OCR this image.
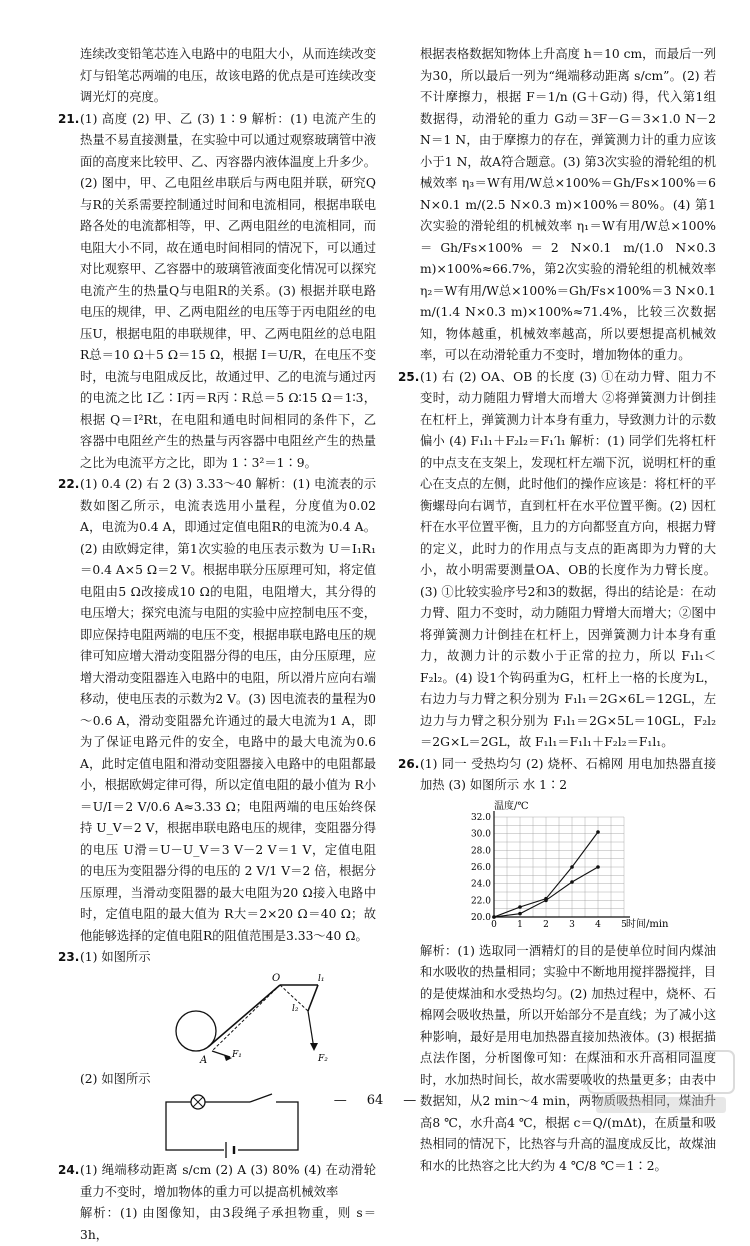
连续改变铅笔芯连入电路中的电阻大小，从而连续改变灯与铅笔芯两端的电压，故该电路的优点是可连续改变调光灯的亮度。

21.(1) 高度 (2) 甲、乙 (3) 1∶9 解析：(1) 电流产生的热量不易直接测量，在实验中可以通过观察玻璃管中液面的高度来比较甲、乙、丙容器内液体温度上升多少。(2) 图中，甲、乙电阻丝串联后与两电阻并联，研究Q与R的关系需要控制通过时间和电流相同，根据串联电路各处的电流都相等，甲、乙两电阻丝的电流相同，而电阻大小不同，故在通电时间相同的情况下，可以通过对比观察甲、乙容器中的玻璃管液面变化情况可以探究电流产生的热量Q与电阻R的关系。(3) 根据并联电路电压的规律，甲、乙两电阻丝的电压等于丙电阻丝的电压U，根据电阻的串联规律，甲、乙两电阻丝的总电阻R总＝10 Ω＋5 Ω＝15 Ω，根据 I＝U/R，在电压不变时，电流与电阻成反比，故通过甲、乙的电流与通过丙的电流之比 I乙∶I丙＝R丙∶R总＝5 Ω∶15 Ω＝1∶3，根据 Q＝I²Rt，在电阻和通电时间相同的条件下，乙容器中电阻丝产生的热量与丙容器中电阻丝产生的热量之比为电流平方之比，即为 1∶3²＝1∶9。

22.(1) 0.4 (2) 右 2 (3) 3.33～40 解析：(1) 电流表的示数如图乙所示，电流表选用小量程，分度值为0.02 A，电流为0.4 A，即通过定值电阻R的电流为0.4 A。(2) 由欧姆定律，第1次实验的电压表示数为 U＝I₁R₁＝0.4 A×5 Ω＝2 V。根据串联分压原理可知，将定值电阻由5 Ω改接成10 Ω的电阻，电阻增大，其分得的电压增大；探究电流与电阻的实验中应控制电压不变，即应保持电阻两端的电压不变，根据串联电路电压的规律可知应增大滑动变阻器分得的电压，由分压原理，应增大滑动变阻器连入电路中的电阻，所以滑片应向右端移动，使电压表的示数为2 V。(3) 因电流表的量程为0～0.6 A，滑动变阻器允许通过的最大电流为1 A，即为了保证电路元件的安全，电路中的最大电流为0.6 A，此时定值电阻和滑动变阻器接入电路中的电阻都最小，根据欧姆定律可得，所以定值电阻的最小值为 R小＝U/I＝2 V/0.6 A≈3.33 Ω；电阻两端的电压始终保持 U_V＝2 V，根据串联电路电压的规律，变阻器分得的电压 U滑＝U－U_V＝3 V－2 V＝1 V，定值电阻的电压为变阻器分得的电压的 2 V/1 V＝2 倍，根据分压原理，当滑动变阻器的最大电阻为20 Ω接入电路中时，定值电阻的最大值为 R大＝2×20 Ω＝40 Ω；故他能够选择的定值电阻R的阻值范围是3.33～40 Ω。

23.(1) 如图所示

O
A	F₁	F₂
l₁
l₂

(2) 如图所示

24.(1) 绳端移动距离 s/cm (2) A (3) 80% (4) 在动滑轮重力不变时，增加物体的重力可以提高机械效率

解析：(1) 由图像知，由3段绳子承担物重，则 s＝3h，

根据表格数据知物体上升高度 h＝10 cm，而最后一列为30，所以最后一列为“绳端移动距离 s/cm”。(2) 若不计摩擦力，根据 F＝1/n (G＋G动) 得，代入第1组数据得，动滑轮的重力 G动＝3F－G＝3×1.0 N－2 N＝1 N，由于摩擦力的存在，弹簧测力计的重力应该小于1 N，故A符合题意。(3) 第3次实验的滑轮组的机械效率 η₃＝W有用/W总×100%＝Gh/Fs×100%＝6 N×0.1 m/(2.5 N×0.3 m)×100%＝80%。(4) 第1次实验的滑轮组的机械效率 η₁＝W有用/W总×100%＝Gh/Fs×100%＝2 N×0.1 m/(1.0 N×0.3 m)×100%≈66.7%，第2次实验的滑轮组的机械效率 η₂＝W有用/W总×100%＝Gh/Fs×100%＝3 N×0.1 m/(1.4 N×0.3 m)×100%≈71.4%，比较三次数据知，物体越重，机械效率越高，所以要想提高机械效率，可以在动滑轮重力不变时，增加物体的重力。

25.(1) 右 (2) OA、OB 的长度 (3) ①在动力臂、阻力不变时，动力随阻力臂增大而增大 ②将弹簧测力计倒挂在杠杆上，弹簧测力计本身有重力，导致测力计的示数偏小 (4) F₁l₁＋F₂l₂＝F₁′l₁ 解析：(1) 同学们先将杠杆的中点支在支架上，发现杠杆左端下沉，说明杠杆的重心在支点的左侧，此时他们的操作应该是：将杠杆的平衡螺母向右调节，直到杠杆在水平位置平衡。(2) 因杠杆在水平位置平衡，且力的方向都竖直方向，根据力臂的定义，此时力的作用点与支点的距离即为力臂的大小，故小明需要测量OA、OB的长度作为力臂长度。(3) ①比较实验序号2和3的数据，得出的结论是：在动力臂、阻力不变时，动力随阻力臂增大而增大；②图中将弹簧测力计倒挂在杠杆上，因弹簧测力计本身有重力，故测力计的示数小于正常的拉力，所以 F₁l₁＜F₂l₂。(4) 设1个钩码重为G，杠杆上一格的长度为L，右边力与力臂之积分别为 F₁l₁＝2G×6L＝12GL，左边力与力臂之积分别为 F₁l₁＝2G×5L＝10GL，F₂l₂＝2G×L＝2GL，故 F₁l₁＝F₁l₁＋F₂l₂＝F₁l₁。

26.(1) 同一 受热均匀 (2) 烧杯、石棉网 用电加热器直接加热 (3) 如图所示 水 1∶2

温度/℃
时间/min
20.0
22.0
24.0
26.0
28.0
30.0
32.0
0 1 2 3 4 5

解析：(1) 选取同一酒精灯的目的是使单位时间内煤油和水吸收的热量相同；实验中不断地用搅拌器搅拌，目的是使煤油和水受热均匀。(2) 加热过程中，烧杯、石棉网会吸收热量，所以开始部分不是直线；为了减小这种影响，最好是用电加热器直接加热液体。(3) 根据描点法作图，分析图像可知：在煤油和水升高相同温度时，水加热时间长，故水需要吸收的热量更多；由表中数据知，从2 min～4 min，两物质吸热相同，煤油升高8 ℃，水升高4 ℃，根据 c＝Q/(mΔt)，在质量和吸热相同的情况下，比热容与升高的温度成反比，故煤油和水的比热容之比大约为 4 ℃/8 ℃＝1∶2。

— 64 —
